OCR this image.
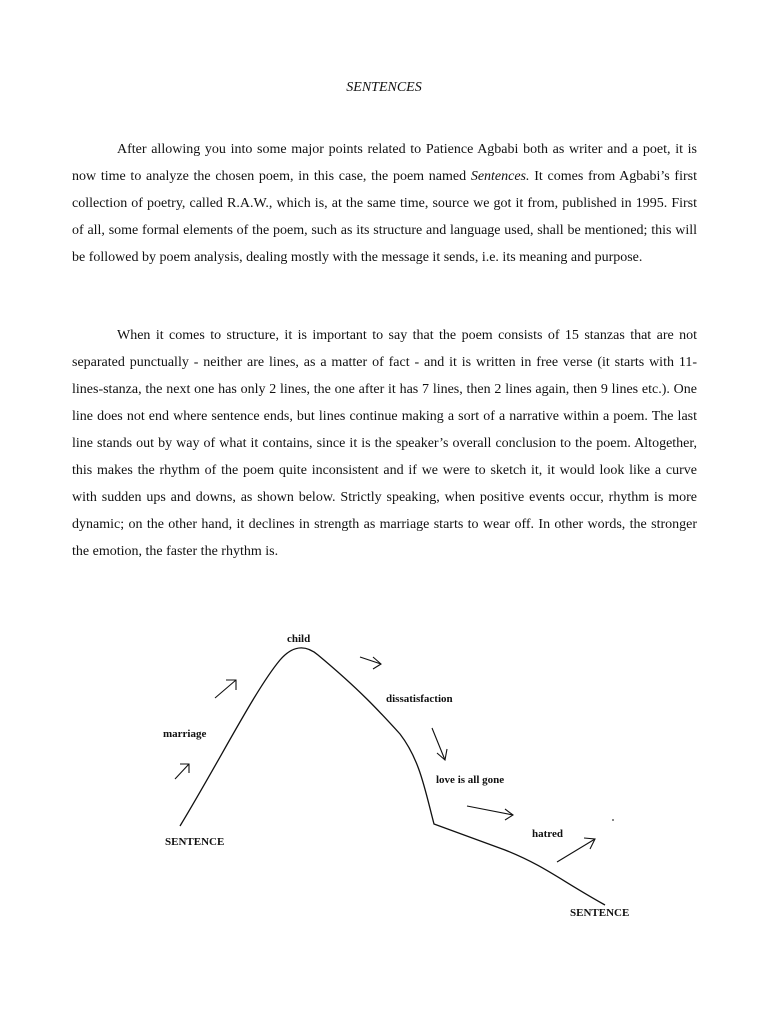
SENTENCES

After allowing you into some major points related to Patience Agbabi both as writer and a poet, it is now time to analyze the chosen poem, in this case, the poem named Sentences. It comes from Agbabi’s first collection of poetry, called R.A.W., which is, at the same time, source we got it from, published in 1995. First of all, some formal elements of the poem, such as its structure and language used, shall be mentioned; this will be followed by poem analysis, dealing mostly with the message it sends, i.e. its meaning and purpose.

When it comes to structure, it is important to say that the poem consists of 15 stanzas that are not separated punctually - neither are lines, as a matter of fact - and it is written in free verse (it starts with 11-lines-stanza, the next one has only 2 lines, the one after it has 7 lines, then 2 lines again, then 9 lines etc.). One line does not end where sentence ends, but lines continue making a sort of a narrative within a poem. The last line stands out by way of what it contains, since it is the speaker’s overall conclusion to the poem. Altogether, this makes the rhythm of the poem quite inconsistent and if we were to sketch it, it would look like a curve with sudden ups and downs, as shown below. Strictly speaking, when positive events occur, rhythm is more dynamic; on the other hand, it declines in strength as marriage starts to wear off. In other words, the stronger the emotion, the faster the rhythm is.

child
marriage
dissatisfaction
love is all gone
hatred
SENTENCE
SENTENCE
